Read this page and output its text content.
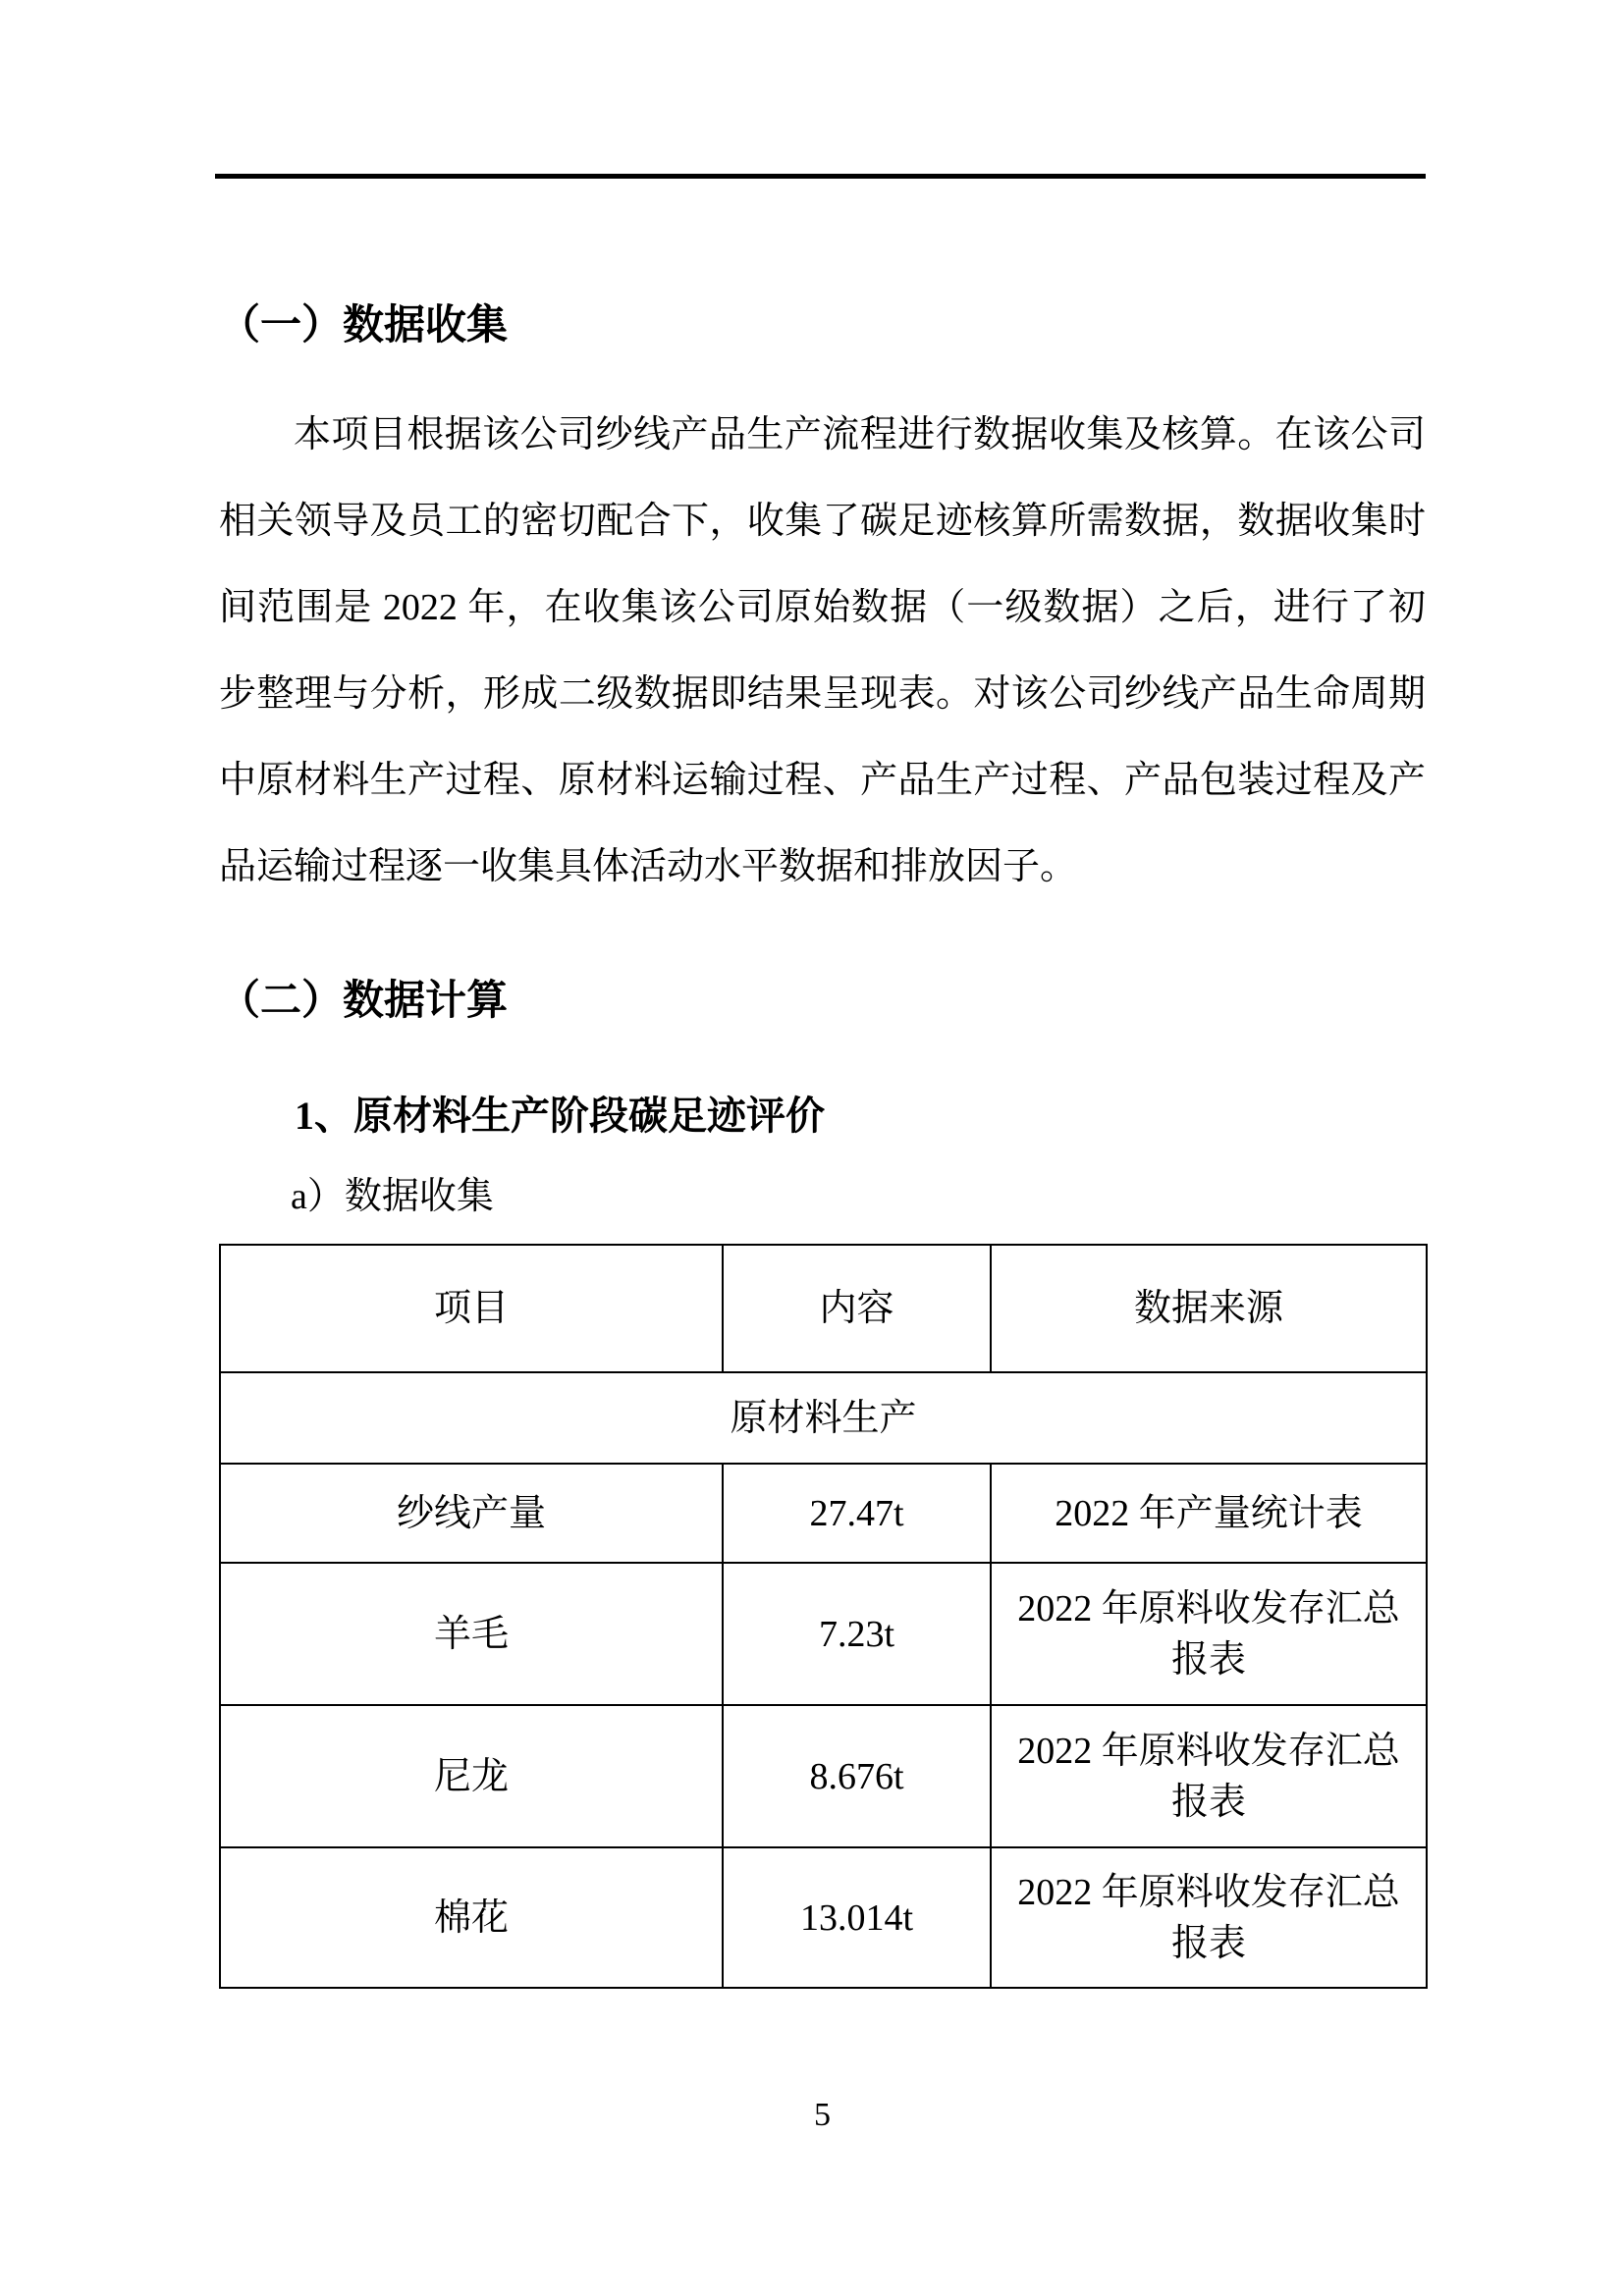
（一）数据收集
本项目根据该公司纱线产品生产流程进行数据收集及核算。在该公司
相关领导及员工的密切配合下，收集了碳足迹核算所需数据，数据收集时
间范围是 2022 年，在收集该公司原始数据（一级数据）之后，进行了初
步整理与分析，形成二级数据即结果呈现表。对该公司纱线产品生命周期
中原材料生产过程、原材料运输过程、产品生产过程、产品包装过程及产
品运输过程逐一收集具体活动水平数据和排放因子。
（二）数据计算
1、原材料生产阶段碳足迹评价
a）数据收集
项目	内容	数据来源
原材料生产		
纱线产量	27.47t	2022 年产量统计表
羊毛	7.23t	2022 年原料收发存汇总报表
尼龙	8.676t	2022 年原料收发存汇总报表
棉花	13.014t	2022 年原料收发存汇总报表
5
